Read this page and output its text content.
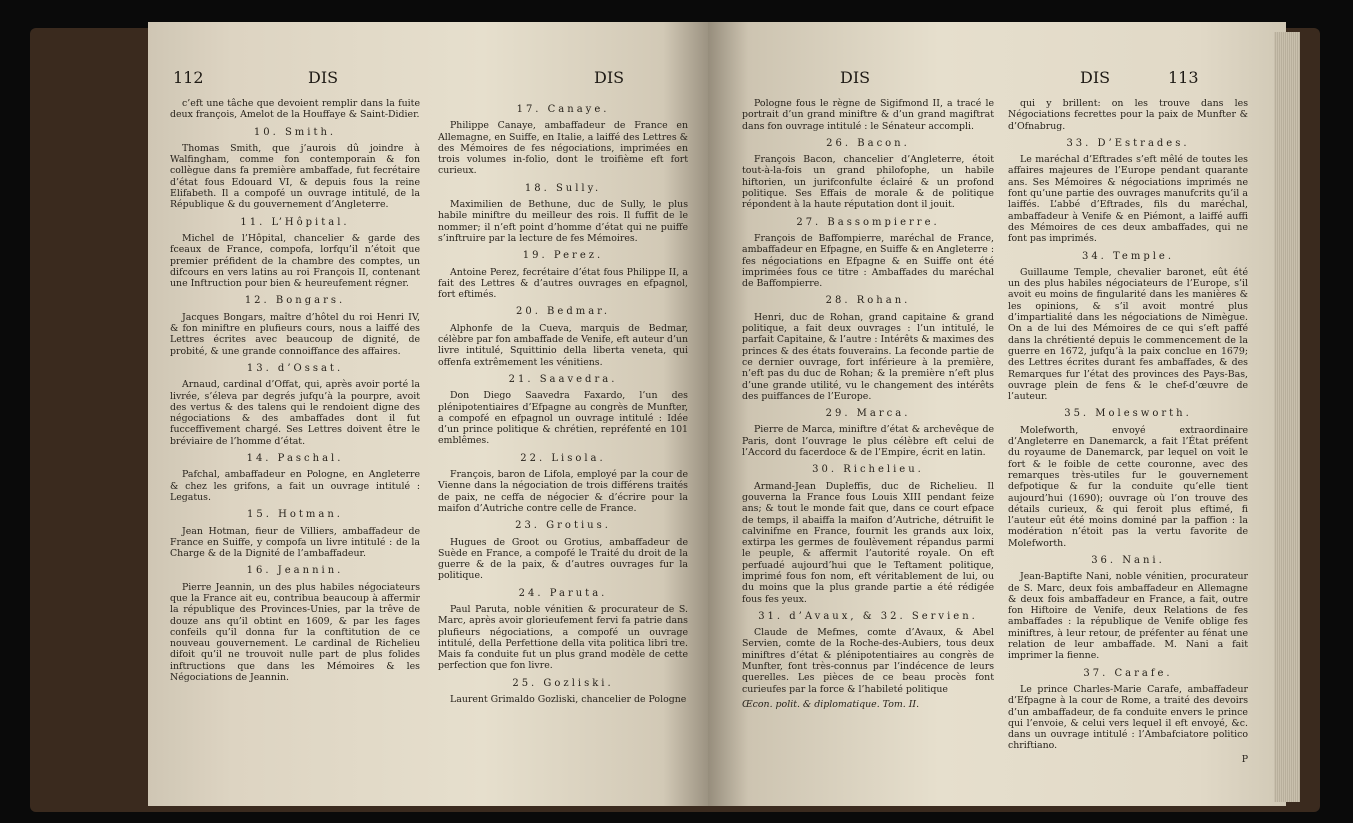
112	DIS	DIS

c’eft une tâche que devoient remplir dans la fuite deux françois, Amelot de la Houffaye & Saint-Didier.

10. Smith.

Thomas Smith, que j’aurois dû joindre à Walfingham, comme fon contemporain & fon collègue dans fa première ambaffade, fut fecrétaire d’état fous Edouard VI, & depuis fous la reine Elifabeth. Il a compofé un ouvrage intitulé, de la République & du gouvernement d’Angleterre.

11. L’Hôpital.

Michel de l’Hôpital, chancelier & garde des fceaux de France, compofa, lorfqu’il n’étoit que premier préfident de la chambre des comptes, un difcours en vers latins au roi François II, contenant une Inftruction pour bien & heureufement régner.

12. Bongars.

Jacques Bongars, maître d’hôtel du roi Henri IV, & fon miniftre en plufieurs cours, nous a laiffé des Lettres écrites avec beaucoup de dignité, de probité, & une grande connoiffance des affaires.

13. d’Ossat.

Arnaud, cardinal d’Offat, qui, après avoir porté la livrée, s’éleva par degrés jufqu’à la pourpre, avoit des vertus & des talens qui le rendoient digne des négociations & des ambaffades dont il fut fucceffivement chargé. Ses Lettres doivent être le bréviaire de l’homme d’état.

14. Paschal.

Pafchal, ambaffadeur en Pologne, en Angleterre & chez les grifons, a fait un ouvrage intitulé : Legatus.

15. Hotman.

Jean Hotman, fieur de Villiers, ambaffadeur de France en Suiffe, y compofa un livre intitulé : de la Charge & de la Dignité de l’ambaffadeur.

16. Jeannin.

Pierre Jeannin, un des plus habiles négociateurs que la France ait eu, contribua beaucoup à affermir la république des Provinces-Unies, par la trêve de douze ans qu’il obtint en 1609, & par les fages confeils qu’il donna fur la conftitution de ce nouveau gouvernement. Le cardinal de Richelieu difoit qu’il ne trouvoit nulle part de plus folides inftructions que dans les Mémoires & les Négociations de Jeannin.

17. Canaye.

Philippe Canaye, ambaffadeur de France en Allemagne, en Suiffe, en Italie, a laiffé des Lettres & des Mémoires de fes négociations, imprimées en trois volumes in-folio, dont le troifième eft fort curieux.

18. Sully.

Maximilien de Bethune, duc de Sully, le plus habile miniftre du meilleur des rois. Il fuffit de le nommer; il n’eft point d’homme d’état qui ne puiffe s’inftruire par la lecture de fes Mémoires.

19. Perez.

Antoine Perez, fecrétaire d’état fous Philippe II, a fait des Lettres & d’autres ouvrages en efpagnol, fort eftimés.

20. Bedmar.

Alphonfe de la Cueva, marquis de Bedmar, célèbre par fon ambaffade de Venife, eft auteur d’un livre intitulé, Squittinio della liberta veneta, qui offenfa extrêmement les vénitiens.

21. Saavedra.

Don Diego Saavedra Faxardo, l’un des plénipotentiaires d’Efpagne au congrès de Munfter, a compofé en efpagnol un ouvrage intitulé : Idée d’un prince politique & chrétien, repréfenté en 101 emblêmes.

22. Lisola.

François, baron de Lifola, employé par la cour de Vienne dans la négociation de trois différens traités de paix, ne ceffa de négocier & d’écrire pour la maifon d’Autriche contre celle de France.

23. Grotius.

Hugues de Groot ou Grotius, ambaffadeur de Suède en France, a compofé le Traité du droit de la guerre & de la paix, & d’autres ouvrages fur la politique.

24. Paruta.

Paul Paruta, noble vénitien & procurateur de S. Marc, après avoir glorieufement fervi fa patrie dans plufieurs négociations, a compofé un ouvrage intitulé, della Perfettione della vita politica libri tre. Mais fa conduite fut un plus grand modèle de cette perfection que fon livre.

25. Gozliski.

Laurent Grimaldo Gozliski, chancelier de Pologne

DIS	DIS	113

Pologne fous le règne de Sigifmond II, a tracé le portrait d’un grand miniftre & d’un grand magiftrat dans fon ouvrage intitulé : le Sénateur accompli.

26. Bacon.

François Bacon, chancelier d’Angleterre, étoit tout-à-la-fois un grand philofophe, un habile hiftorien, un jurifconfulte éclairé & un profond politique. Ses Effais de morale & de politique répondent à la haute réputation dont il jouit.

27. Bassompierre.

François de Baffompierre, maréchal de France, ambaffadeur en Efpagne, en Suiffe & en Angleterre : fes négociations en Efpagne & en Suiffe ont été imprimées fous ce titre : Ambaffades du maréchal de Baffompierre.

28. Rohan.

Henri, duc de Rohan, grand capitaine & grand politique, a fait deux ouvrages : l’un intitulé, le parfait Capitaine, & l’autre : Intérêts & maximes des princes & des états fouverains. La feconde partie de ce dernier ouvrage, fort inférieure à la première, n’eft pas du duc de Rohan; & la première n’eft plus d’une grande utilité, vu le changement des intérêts des puiffances de l’Europe.

29. Marca.

Pierre de Marca, miniftre d’état & archevêque de Paris, dont l’ouvrage le plus célèbre eft celui de l’Accord du facerdoce & de l’Empire, écrit en latin.

30. Richelieu.

Armand-Jean Dupleffis, duc de Richelieu. Il gouverna la France fous Louis XIII pendant feize ans; & tout le monde fait que, dans ce court efpace de temps, il abaiffa la maifon d’Autriche, détruifit le calvinifme en France, fournit les grands aux loix, extirpa les germes de foulèvement répandus parmi le peuple, & affermit l’autorité royale. On eft perfuadé aujourd’hui que le Teftament politique, imprimé fous fon nom, eft véritablement de lui, ou du moins que la plus grande partie a été rédigée fous fes yeux.

31. d’Avaux, & 32. Servien.

Claude de Mefmes, comte d’Avaux, & Abel Servien, comte de la Roche-des-Aubiers, tous deux miniftres d’état & plénipotentiaires au congrès de Munfter, font très-connus par l’indécence de leurs querelles. Les pièces de ce beau procès font curieufes par la force & l’habileté politique

Œcon. polit. & diplomatique. Tom. II.

qui y brillent: on les trouve dans les Négociations fecrettes pour la paix de Munfter & d’Ofnabrug.

33. D’Estrades.

Le maréchal d’Eftrades s’eft mêlé de toutes les affaires majeures de l’Europe pendant quarante ans. Ses Mémoires & négociations imprimés ne font qu’une partie des ouvrages manufcrits qu’il a laiffés. L’abbé d’Eftrades, fils du maréchal, ambaffadeur à Venife & en Piémont, a laiffé auffi des Mémoires de ces deux ambaffades, qui ne font pas imprimés.

34. Temple.

Guillaume Temple, chevalier baronet, eût été un des plus habiles négociateurs de l’Europe, s’il avoit eu moins de fingularité dans les manières & les opinions, & s’il avoit montré plus d’impartialité dans les négociations de Nimègue. On a de lui des Mémoires de ce qui s’eft paffé dans la chrétienté depuis le commencement de la guerre en 1672, jufqu’à la paix conclue en 1679; des Lettres écrites durant fes ambaffades, & des Remarques fur l’état des provinces des Pays-Bas, ouvrage plein de fens & le chef-d’œuvre de l’auteur.

35. Molesworth.

Molefworth, envoyé extraordinaire d’Angleterre en Danemarck, a fait l’État préfent du royaume de Danemarck, par lequel on voit le fort & le foible de cette couronne, avec des remarques très-utiles fur le gouvernement defpotique & fur la conduite qu’elle tient aujourd’hui (1690); ouvrage où l’on trouve des détails curieux, & qui feroit plus eftimé, fi l’auteur eût été moins dominé par la paffion : la modération n’étoit pas la vertu favorite de Molefworth.

36. Nani.

Jean-Baptifte Nani, noble vénitien, procurateur de S. Marc, deux fois ambaffadeur en Allemagne & deux fois ambaffadeur en France, a fait, outre fon Hiftoire de Venife, deux Relations de fes ambaffades : la république de Venife oblige fes miniftres, à leur retour, de préfenter au fénat une relation de leur ambaffade. M. Nani a fait imprimer la fienne.

37. Carafe.

Le prince Charles-Marie Carafe, ambaffadeur d’Efpagne à la cour de Rome, a traité des devoirs d’un ambaffadeur, de fa conduite envers le prince qui l’envoie, & celui vers lequel il eft envoyé, &c. dans un ouvrage intitulé : l’Ambafciatore politico chriftiano.

P
